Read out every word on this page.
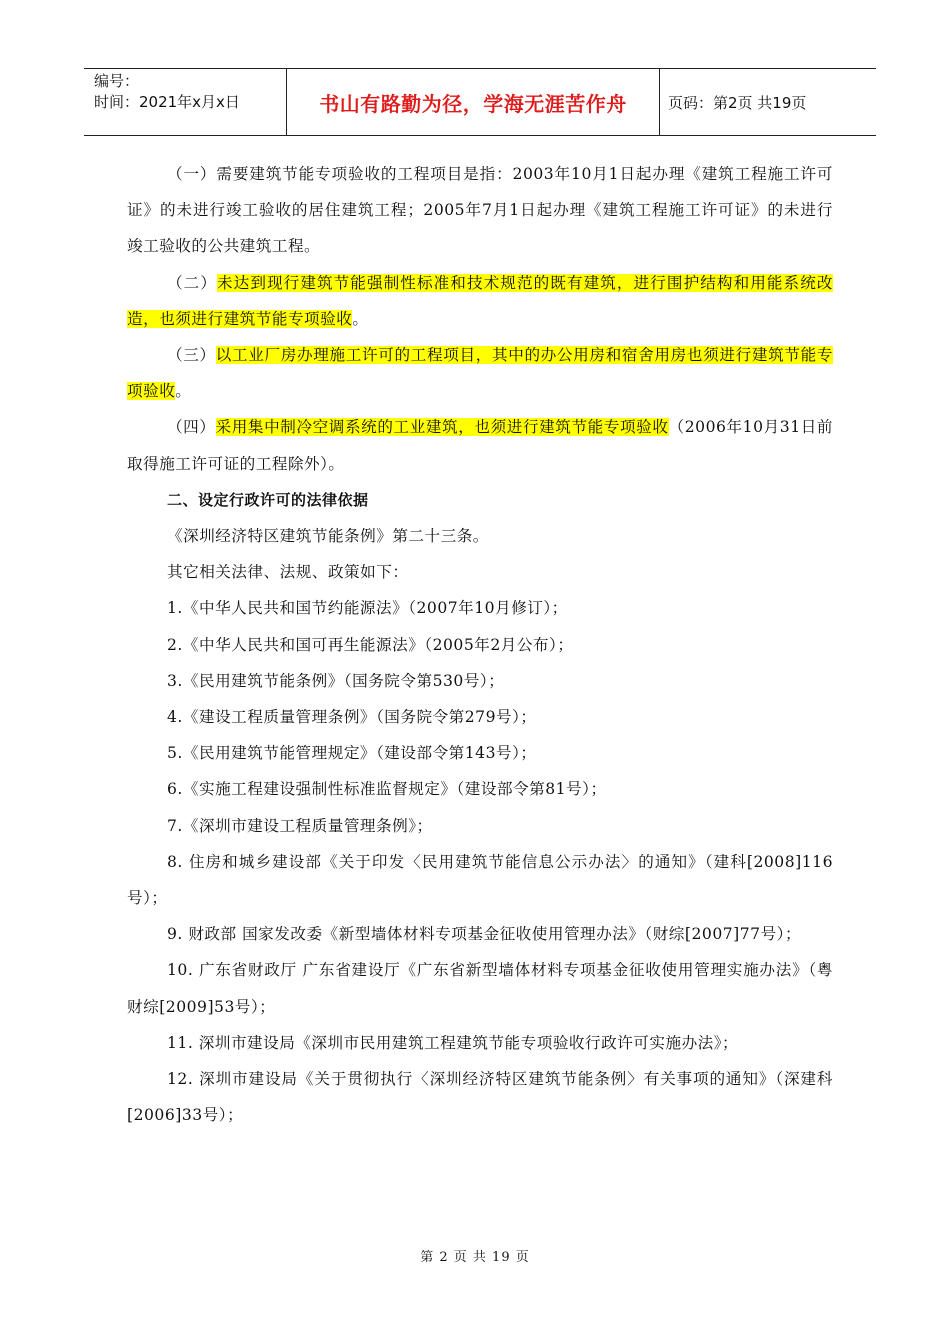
编号：
时间：2021年x月x日	书山有路勤为径，学海无涯苦作舟	页码：第2页 共19页

（一）需要建筑节能专项验收的工程项目是指：2003年10月1日起办理《建筑工程施工许可证》的未进行竣工验收的居住建筑工程；2005年7月1日起办理《建筑工程施工许可证》的未进行竣工验收的公共建筑工程。

（二）未达到现行建筑节能强制性标准和技术规范的既有建筑，进行围护结构和用能系统改造，也须进行建筑节能专项验收。

（三）以工业厂房办理施工许可的工程项目，其中的办公用房和宿舍用房也须进行建筑节能专项验收。

（四）采用集中制冷空调系统的工业建筑，也须进行建筑节能专项验收（2006年10月31日前取得施工许可证的工程除外）。

二、设定行政许可的法律依据

《深圳经济特区建筑节能条例》第二十三条。

其它相关法律、法规、政策如下：

1.《中华人民共和国节约能源法》（2007年10月修订）；

2.《中华人民共和国可再生能源法》（2005年2月公布）；

3.《民用建筑节能条例》（国务院令第530号）；

4.《建设工程质量管理条例》（国务院令第279号）；

5.《民用建筑节能管理规定》（建设部令第143号）；

6.《实施工程建设强制性标准监督规定》（建设部令第81号）；

7.《深圳市建设工程质量管理条例》；

8. 住房和城乡建设部《关于印发〈民用建筑节能信息公示办法〉的通知》（建科[2008]116号）；

9. 财政部 国家发改委《新型墙体材料专项基金征收使用管理办法》（财综[2007]77号）；

10. 广东省财政厅 广东省建设厅《广东省新型墙体材料专项基金征收使用管理实施办法》（粤财综[2009]53号）；

11. 深圳市建设局《深圳市民用建筑工程建筑节能专项验收行政许可实施办法》；

12. 深圳市建设局《关于贯彻执行〈深圳经济特区建筑节能条例〉有关事项的通知》（深建科[2006]33号）；

第 2 页 共 19 页
